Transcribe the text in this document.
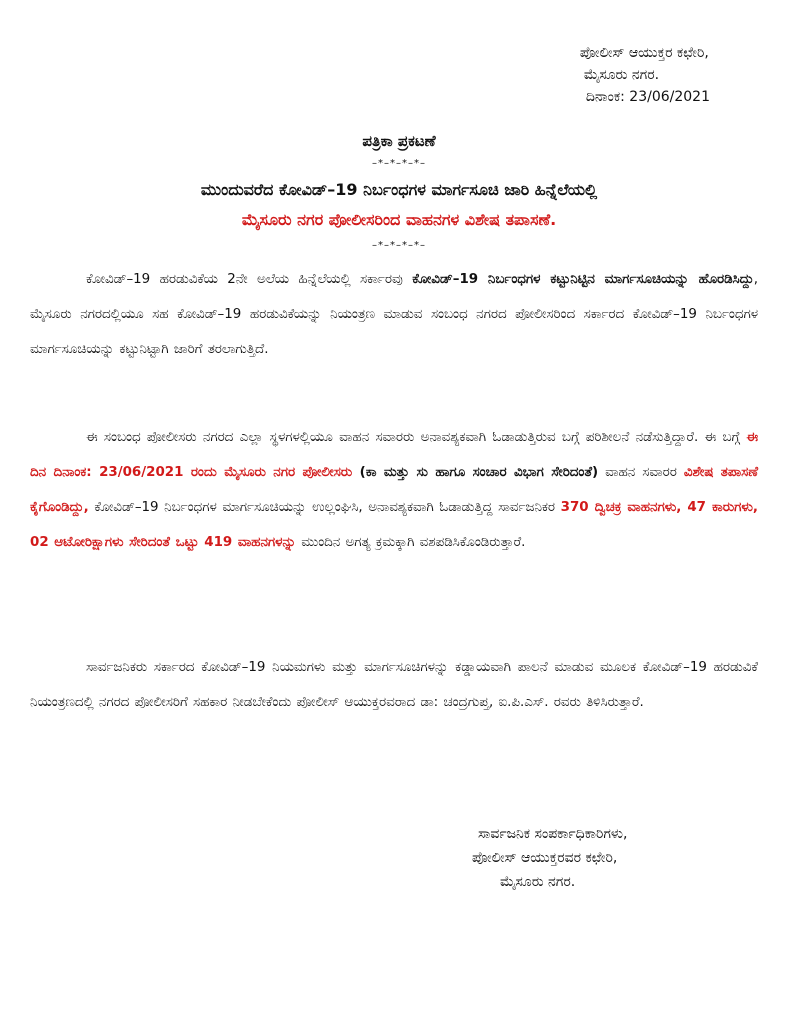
ಪೋಲೀಸ್ ಆಯುಕ್ತರ ಕಛೇರಿ,
ಮೈಸೂರು ನಗರ.
ದಿನಾಂಕ: 23/06/2021
ಪತ್ರಿಕಾ ಪ್ರಕಟಣೆ
–*–*–*–*–
ಮುಂದುವರೆದ ಕೋವಿಡ್–19 ನಿರ್ಬಂಧಗಳ ಮಾರ್ಗಸೂಚಿ ಜಾರಿ ಹಿನ್ನೆಲೆಯಲ್ಲಿ
ಮೈಸೂರು ನಗರ ಪೋಲೀಸರಿಂದ ವಾಹನಗಳ ವಿಶೇಷ ತಪಾಸಣೆ.
–*–*–*–*–
ಕೋವಿಡ್–19 ಹರಡುವಿಕೆಯ 2ನೇ ಅಲೆಯ ಹಿನ್ನೆಲೆಯಲ್ಲಿ ಸರ್ಕಾರವು ಕೋವಿಡ್–19 ನಿರ್ಬಂಧಗಳ ಕಟ್ಟುನಿಟ್ಟಿನ ಮಾರ್ಗಸೂಚಿಯನ್ನು ಹೊರಡಿಸಿದ್ದು, ಮೈಸೂರು ನಗರದಲ್ಲಿಯೂ ಸಹ ಕೋವಿಡ್–19 ಹರಡುವಿಕೆಯನ್ನು ನಿಯಂತ್ರಣ ಮಾಡುವ ಸಂಬಂಧ ನಗರದ ಪೋಲೀಸರಿಂದ ಸರ್ಕಾರದ ಕೋವಿಡ್–19 ನಿರ್ಬಂಧಗಳ ಮಾರ್ಗಸೂಚಿಯನ್ನು ಕಟ್ಟುನಿಟ್ಟಾಗಿ ಜಾರಿಗೆ ತರಲಾಗುತ್ತಿದೆ.
ಈ ಸಂಬಂಧ ಪೋಲೀಸರು ನಗರದ ಎಲ್ಲಾ ಸ್ಥಳಗಳಲ್ಲಿಯೂ ವಾಹನ ಸವಾರರು ಅನಾವಶ್ಯಕವಾಗಿ ಓಡಾಡುತ್ತಿರುವ ಬಗ್ಗೆ ಪರಿಶೀಲನೆ ನಡೆಸುತ್ತಿದ್ದಾರೆ. ಈ ಬಗ್ಗೆ ಈ ದಿನ ದಿನಾಂಕ: 23/06/2021 ರಂದು ಮೈಸೂರು ನಗರ ಪೋಲೀಸರು (ಕಾ ಮತ್ತು ಸು ಹಾಗೂ ಸಂಚಾರ ವಿಭಾಗ ಸೇರಿದಂತೆ) ವಾಹನ ಸವಾರರ ವಿಶೇಷ ತಪಾಸಣೆ ಕೈಗೊಂಡಿದ್ದು, ಕೋವಿಡ್–19 ನಿರ್ಬಂಧಗಳ ಮಾರ್ಗಸೂಚಿಯನ್ನು ಉಲ್ಲಂಘಿಸಿ, ಅನಾವಶ್ಯಕವಾಗಿ ಓಡಾಡುತ್ತಿದ್ದ ಸಾರ್ವಜನಿಕರ 370 ದ್ವಿಚಕ್ರ ವಾಹನಗಳು, 47 ಕಾರುಗಳು, 02 ಆಟೋರಿಕ್ಷಾಗಳು ಸೇರಿದಂತೆ ಒಟ್ಟು 419 ವಾಹನಗಳನ್ನು ಮುಂದಿನ ಅಗತ್ಯ ಕ್ರಮಕ್ಕಾಗಿ ವಶಪಡಿಸಿಕೊಂಡಿರುತ್ತಾರೆ.
ಸಾರ್ವಜನಿಕರು ಸರ್ಕಾರದ ಕೋವಿಡ್–19 ನಿಯಮಗಳು ಮತ್ತು ಮಾರ್ಗಸೂಚಿಗಳನ್ನು ಕಡ್ಡಾಯವಾಗಿ ಪಾಲನೆ ಮಾಡುವ ಮೂಲಕ ಕೋವಿಡ್–19 ಹರಡುವಿಕೆ ನಿಯಂತ್ರಣದಲ್ಲಿ ನಗರದ ಪೋಲೀಸರಿಗೆ ಸಹಕಾರ ನೀಡಬೇಕೆಂದು ಪೋಲೀಸ್ ಆಯುಕ್ತರವರಾದ ಡಾ: ಚಂದ್ರಗುಪ್ತ, ಐ.ಪಿ.ಎಸ್. ರವರು ತಿಳಿಸಿರುತ್ತಾರೆ.
ಸಾರ್ವಜನಿಕ ಸಂಪರ್ಕಾಧಿಕಾರಿಗಳು,
ಪೋಲೀಸ್ ಆಯುಕ್ತರವರ ಕಛೇರಿ,
ಮೈಸೂರು ನಗರ.
